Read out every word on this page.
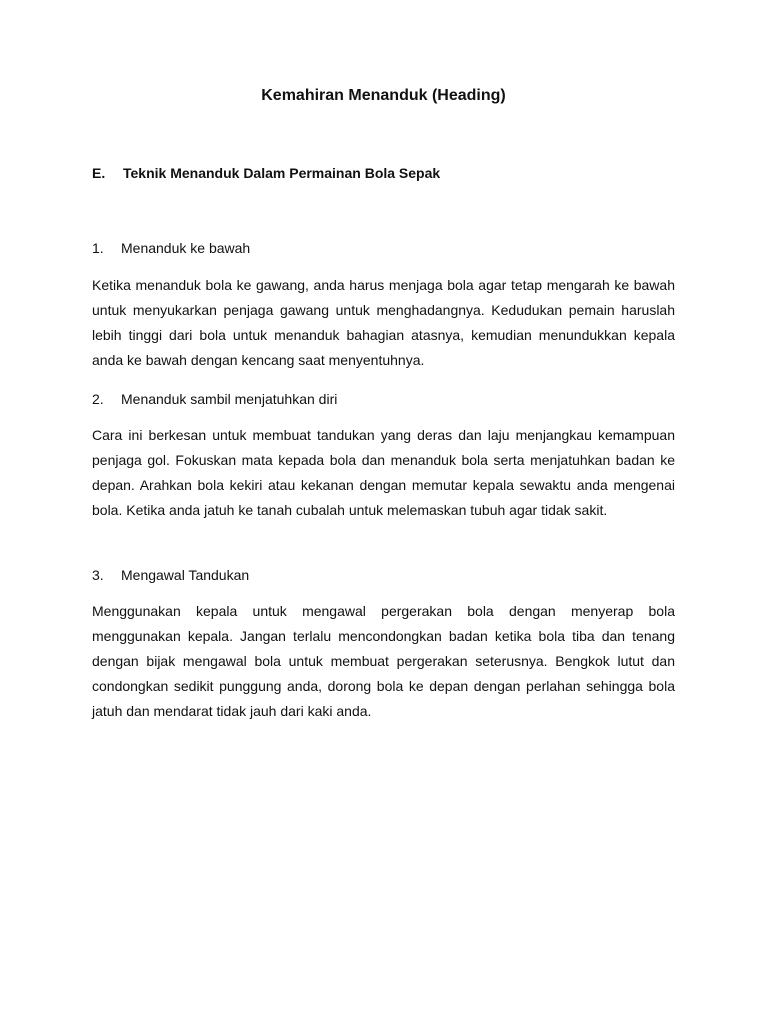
Kemahiran Menanduk (Heading)
E. Teknik Menanduk Dalam Permainan Bola Sepak

1. Menanduk ke bawah

Ketika menanduk bola ke gawang, anda harus menjaga bola agar tetap mengarah ke bawah untuk menyukarkan penjaga gawang untuk menghadangnya. Kedudukan pemain haruslah lebih tinggi dari bola untuk menanduk bahagian atasnya, kemudian menundukkan kepala anda ke bawah dengan kencang saat menyentuhnya.

2. Menanduk sambil menjatuhkan diri

Cara ini berkesan untuk membuat tandukan yang deras dan laju menjangkau kemampuan penjaga gol. Fokuskan mata kepada bola dan menanduk bola serta menjatuhkan badan ke depan. Arahkan bola kekiri atau kekanan dengan memutar kepala sewaktu anda mengenai bola. Ketika anda jatuh ke tanah cubalah untuk melemaskan tubuh agar tidak sakit.

3. Mengawal Tandukan

Menggunakan kepala untuk mengawal pergerakan bola dengan menyerap bola menggunakan kepala. Jangan terlalu mencondongkan badan ketika bola tiba dan tenang dengan bijak mengawal bola untuk membuat pergerakan seterusnya. Bengkok lutut dan condongkan sedikit punggung anda, dorong bola ke depan dengan perlahan sehingga bola jatuh dan mendarat tidak jauh dari kaki anda.
